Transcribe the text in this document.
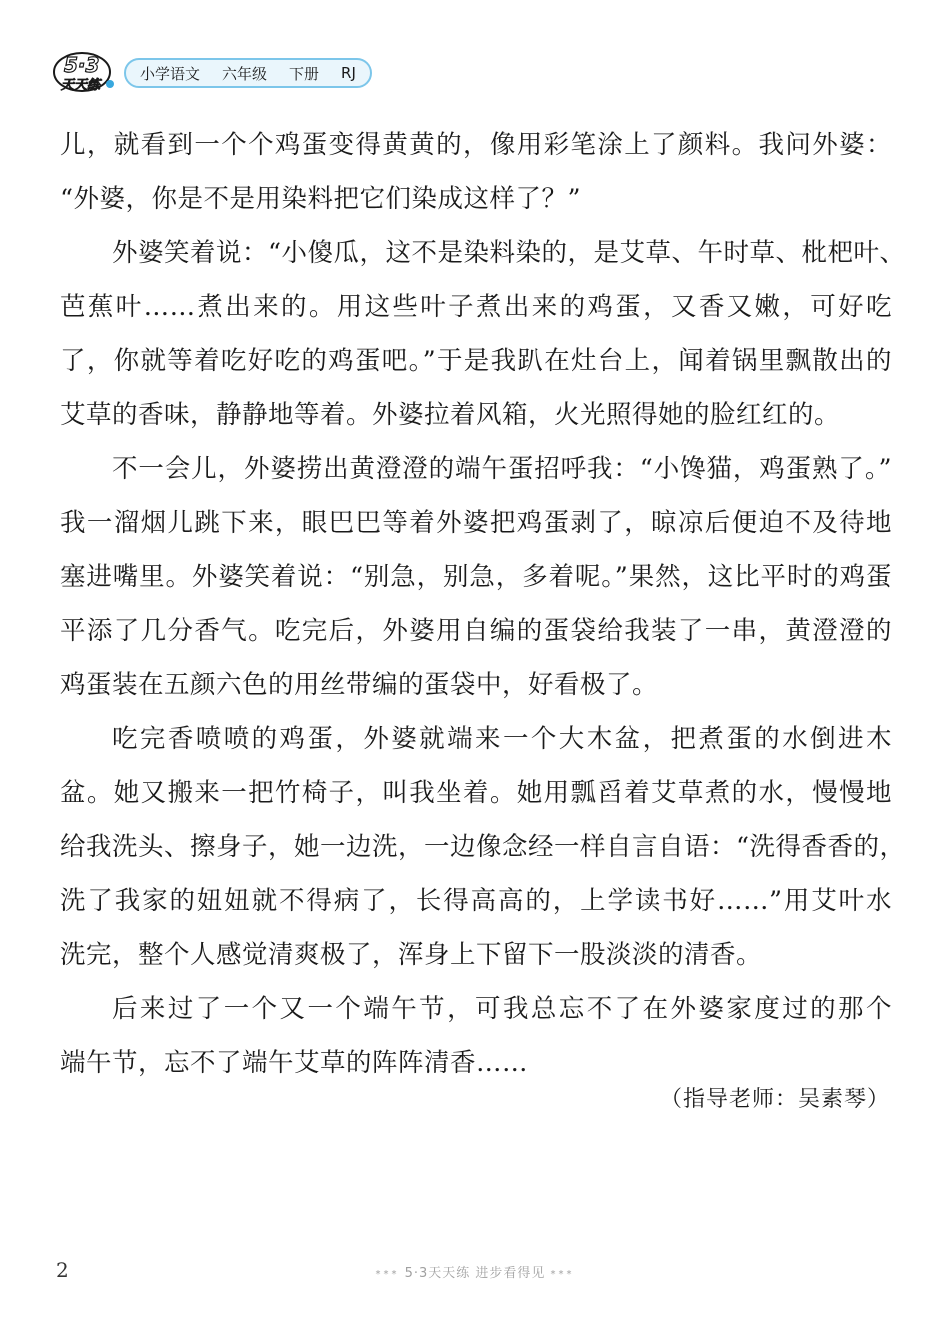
5·3
天天练
小学语文 六年级 下册 RJ
儿，就看到一个个鸡蛋变得黄黄的，像用彩笔涂上了颜料。我问外婆：
“外婆，你是不是用染料把它们染成这样了？”
外婆笑着说：“小傻瓜，这不是染料染的，是艾草、午时草、枇杷叶、
芭蕉叶……煮出来的。用这些叶子煮出来的鸡蛋，又香又嫩，可好吃
了，你就等着吃好吃的鸡蛋吧。”于是我趴在灶台上，闻着锅里飘散出的
艾草的香味，静静地等着。外婆拉着风箱，火光照得她的脸红红的。
不一会儿，外婆捞出黄澄澄的端午蛋招呼我：“小馋猫，鸡蛋熟了。”
我一溜烟儿跳下来，眼巴巴等着外婆把鸡蛋剥了，晾凉后便迫不及待地
塞进嘴里。外婆笑着说：“别急，别急，多着呢。”果然，这比平时的鸡蛋
平添了几分香气。吃完后，外婆用自编的蛋袋给我装了一串，黄澄澄的
鸡蛋装在五颜六色的用丝带编的蛋袋中，好看极了。
吃完香喷喷的鸡蛋，外婆就端来一个大木盆，把煮蛋的水倒进木
盆。她又搬来一把竹椅子，叫我坐着。她用瓢舀着艾草煮的水，慢慢地
给我洗头、擦身子，她一边洗，一边像念经一样自言自语：“洗得香香的，
洗了我家的妞妞就不得病了，长得高高的，上学读书好……”用艾叶水
洗完，整个人感觉清爽极了，浑身上下留下一股淡淡的清香。
后来过了一个又一个端午节，可我总忘不了在外婆家度过的那个
端午节，忘不了端午艾草的阵阵清香……
（指导老师：吴素琴）
2	*** 5·3天天练 进步看得见 ***
